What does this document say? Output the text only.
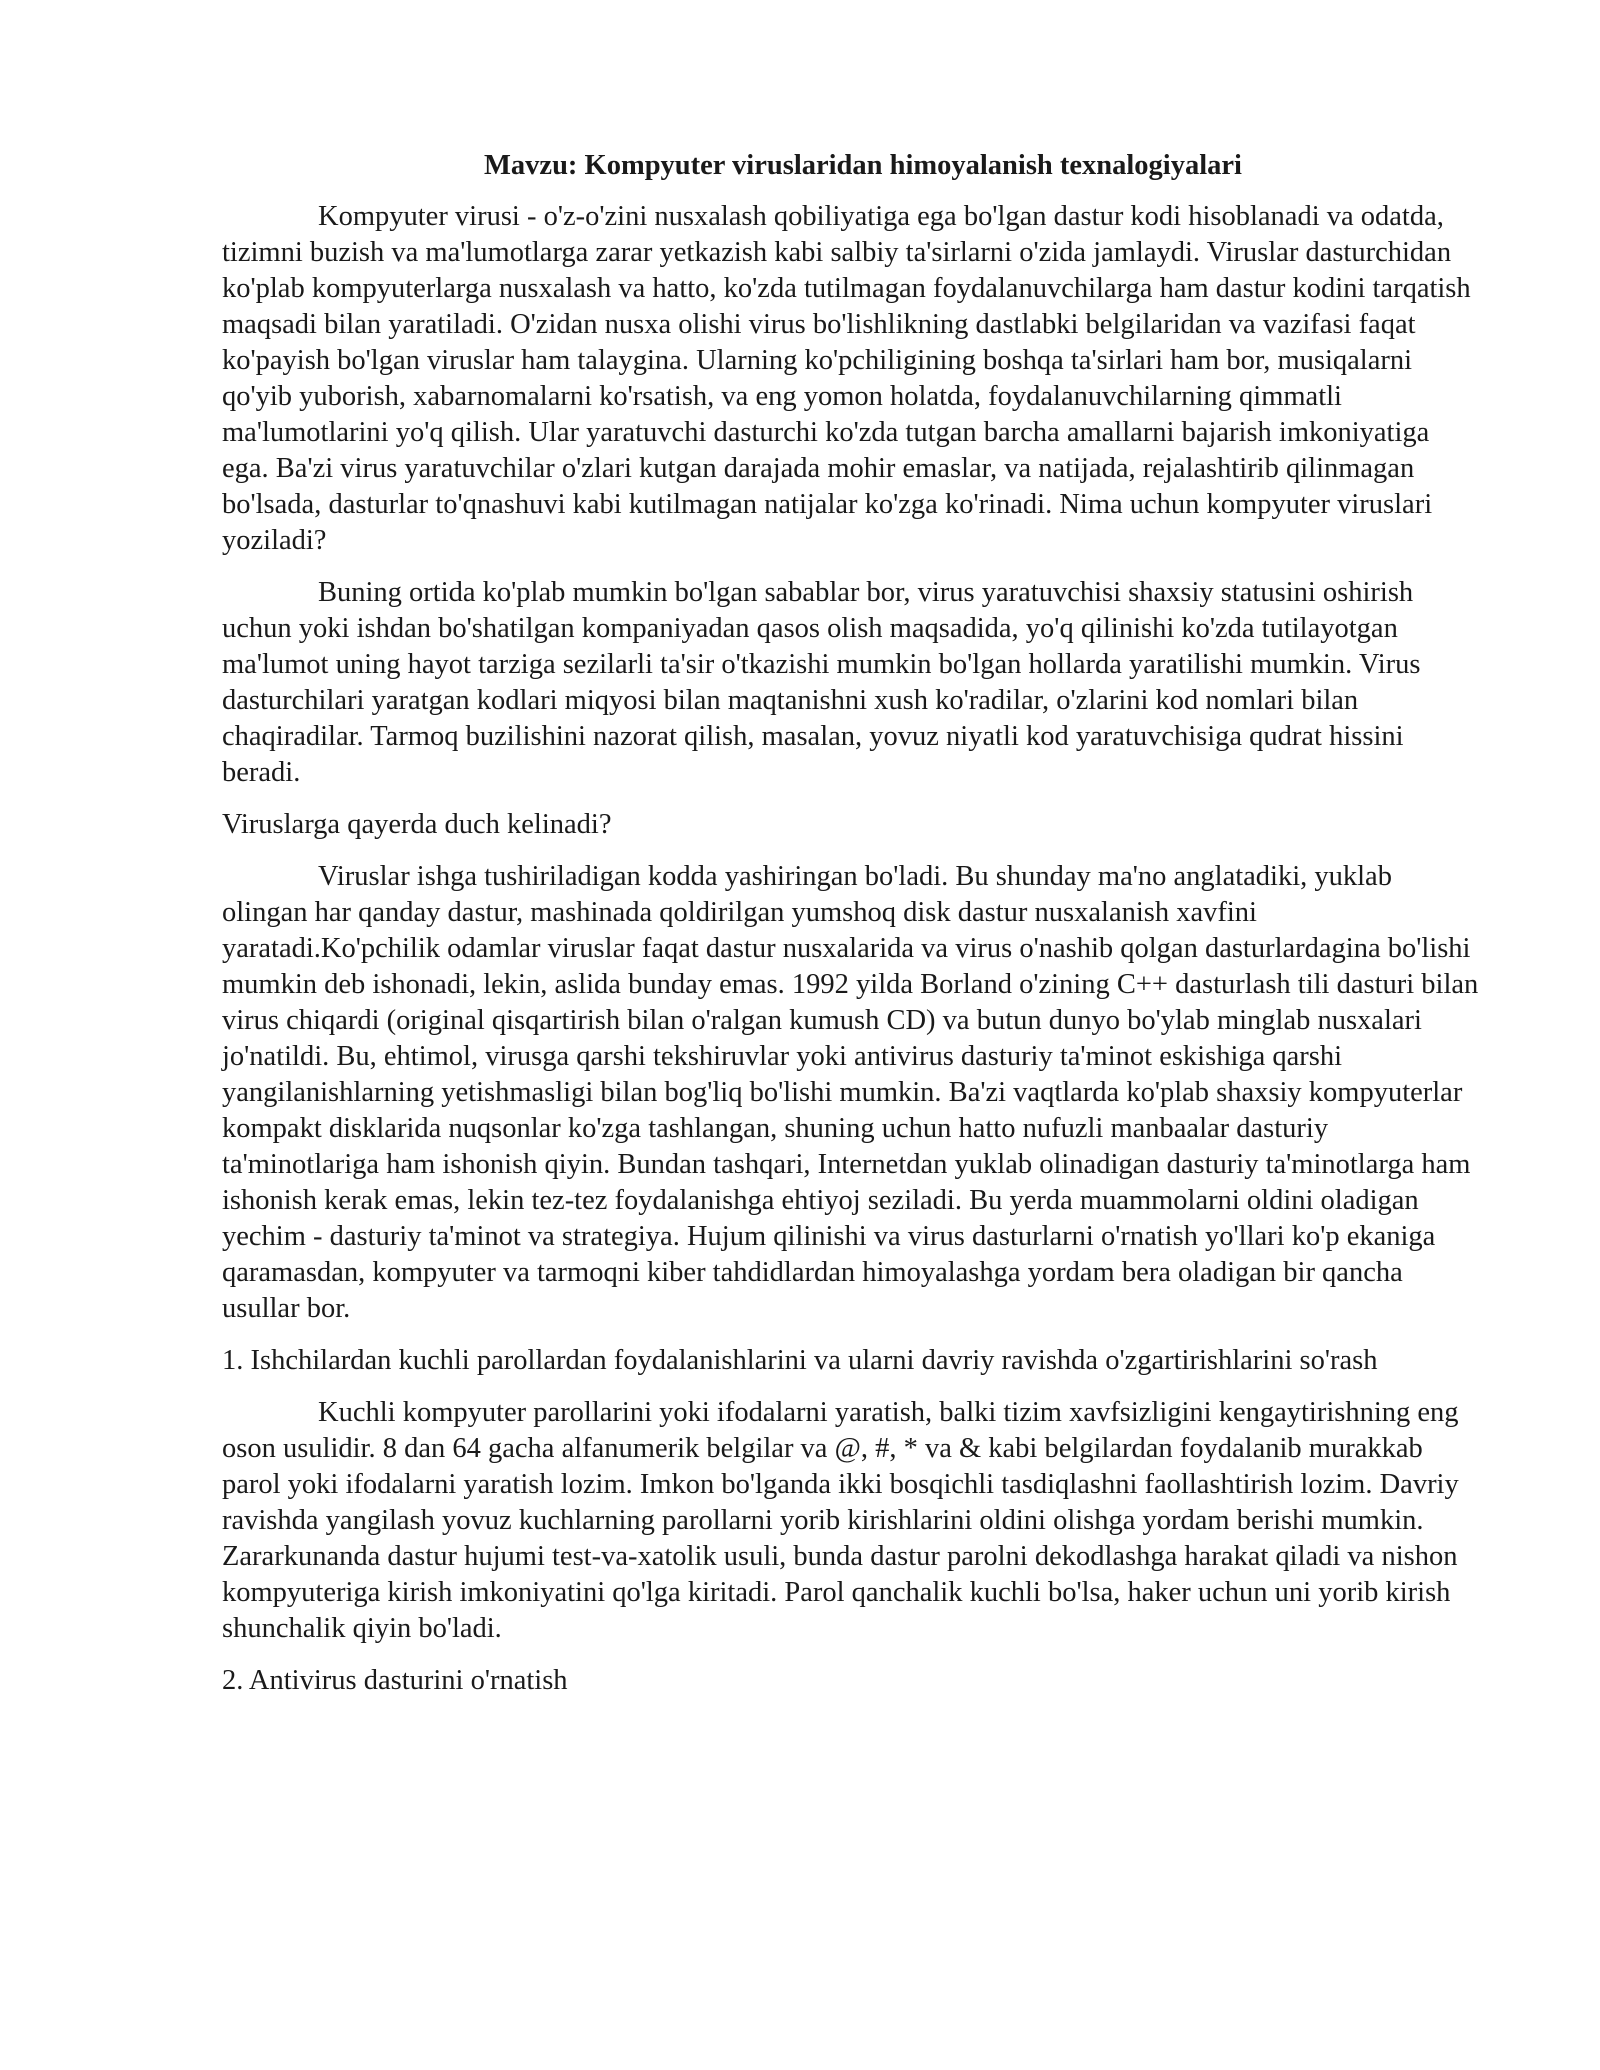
Mavzu: Kompyuter viruslaridan himoyalanish texnalogiyalari

Kompyuter virusi - o'z-o'zini nusxalash qobiliyatiga ega bo'lgan dastur kodi hisoblanadi va odatda, tizimni buzish va ma'lumotlarga zarar yetkazish kabi salbiy ta'sirlarni o'zida jamlaydi. Viruslar dasturchidan ko'plab kompyuterlarga nusxalash va hatto, ko'zda tutilmagan foydalanuvchilarga ham dastur kodini tarqatish maqsadi bilan yaratiladi. O'zidan nusxa olishi virus bo'lishlikning dastlabki belgilaridan va vazifasi faqat ko'payish bo'lgan viruslar ham talaygina. Ularning ko'pchiligining boshqa ta'sirlari ham bor, musiqalarni qo'yib yuborish, xabarnomalarni ko'rsatish, va eng yomon holatda, foydalanuvchilarning qimmatli ma'lumotlarini yo'q qilish. Ular yaratuvchi dasturchi ko'zda tutgan barcha amallarni bajarish imkoniyatiga ega. Ba'zi virus yaratuvchilar o'zlari kutgan darajada mohir emaslar, va natijada, rejalashtirib qilinmagan bo'lsada, dasturlar to'qnashuvi kabi kutilmagan natijalar ko'zga ko'rinadi. Nima uchun kompyuter viruslari yoziladi?

Buning ortida ko'plab mumkin bo'lgan sabablar bor, virus yaratuvchisi shaxsiy statusini oshirish uchun yoki ishdan bo'shatilgan kompaniyadan qasos olish maqsadida, yo'q qilinishi ko'zda tutilayotgan ma'lumot uning hayot tarziga sezilarli ta'sir o'tkazishi mumkin bo'lgan hollarda yaratilishi mumkin. Virus dasturchilari yaratgan kodlari miqyosi bilan maqtanishni xush ko'radilar, o'zlarini kod nomlari bilan chaqiradilar. Tarmoq buzilishini nazorat qilish, masalan, yovuz niyatli kod yaratuvchisiga qudrat hissini beradi.

Viruslarga qayerda duch kelinadi?

Viruslar ishga tushiriladigan kodda yashiringan bo'ladi. Bu shunday ma'no anglatadiki, yuklab olingan har qanday dastur, mashinada qoldirilgan yumshoq disk dastur nusxalanish xavfini yaratadi.Ko'pchilik odamlar viruslar faqat dastur nusxalarida va virus o'nashib qolgan dasturlardagina bo'lishi mumkin deb ishonadi, lekin, aslida bunday emas. 1992 yilda Borland o'zining C++ dasturlash tili dasturi bilan virus chiqardi (original qisqartirish bilan o'ralgan kumush CD) va butun dunyo bo'ylab minglab nusxalari jo'natildi. Bu, ehtimol, virusga qarshi tekshiruvlar yoki antivirus dasturiy ta'minot eskishiga qarshi yangilanishlarning yetishmasligi bilan bog'liq bo'lishi mumkin. Ba'zi vaqtlarda ko'plab shaxsiy kompyuterlar kompakt disklarida nuqsonlar ko'zga tashlangan, shuning uchun hatto nufuzli manbaalar dasturiy ta'minotlariga ham ishonish qiyin. Bundan tashqari, Internetdan yuklab olinadigan dasturiy ta'minotlarga ham ishonish kerak emas, lekin tez-tez foydalanishga ehtiyoj seziladi. Bu yerda muammolarni oldini oladigan yechim - dasturiy ta'minot va strategiya. Hujum qilinishi va virus dasturlarni o'rnatish yo'llari ko'p ekaniga qaramasdan, kompyuter va tarmoqni kiber tahdidlardan himoyalashga yordam bera oladigan bir qancha usullar bor.

1. Ishchilardan kuchli parollardan foydalanishlarini va ularni davriy ravishda o'zgartirishlarini so'rash

Kuchli kompyuter parollarini yoki ifodalarni yaratish, balki tizim xavfsizligini kengaytirishning eng oson usulidir. 8 dan 64 gacha alfanumerik belgilar va @, #, * va & kabi belgilardan foydalanib murakkab parol yoki ifodalarni yaratish lozim. Imkon bo'lganda ikki bosqichli tasdiqlashni faollashtirish lozim. Davriy ravishda yangilash yovuz kuchlarning parollarni yorib kirishlarini oldini olishga yordam berishi mumkin. Zararkunanda dastur hujumi test-va-xatolik usuli, bunda dastur parolni dekodlashga harakat qiladi va nishon kompyuteriga kirish imkoniyatini qo'lga kiritadi. Parol qanchalik kuchli bo'lsa, haker uchun uni yorib kirish shunchalik qiyin bo'ladi.

2. Antivirus dasturini o'rnatish
